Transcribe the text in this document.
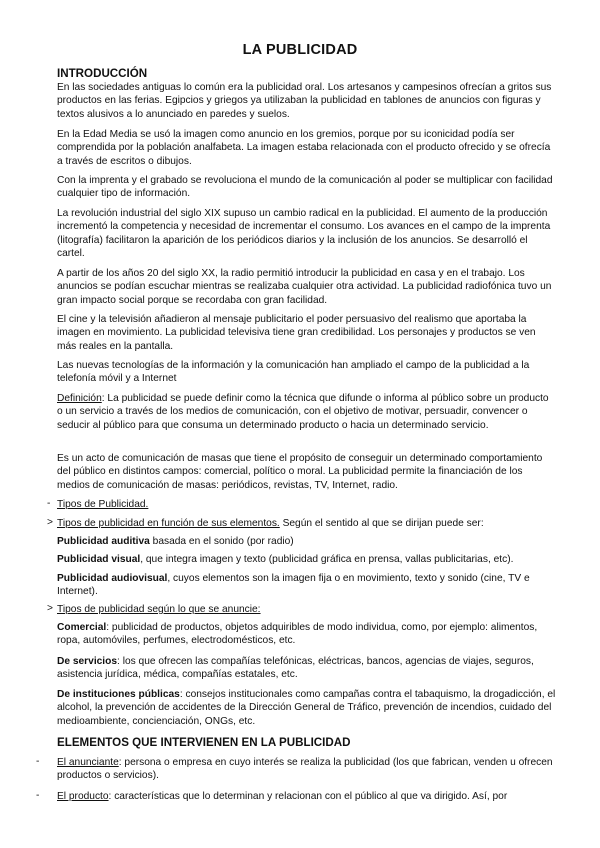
LA PUBLICIDAD
INTRODUCCIÓN
En las sociedades antiguas lo común era la publicidad oral. Los artesanos y campesinos ofrecían a gritos sus productos en las ferias. Egipcios y griegos ya utilizaban la publicidad en tablones de anuncios con figuras y textos alusivos a lo anunciado en paredes y suelos.
En la Edad Media se usó la imagen como anuncio en los gremios, porque por su iconicidad podía ser comprendida por la población analfabeta. La imagen estaba relacionada con el producto ofrecido y se ofrecía a través de escritos o dibujos.
Con la imprenta y el grabado se revoluciona el mundo de la comunicación al poder se multiplicar con facilidad cualquier tipo de información.
La revolución industrial del siglo XIX supuso un cambio radical en la publicidad. El aumento de la producción incrementó la competencia y necesidad de incrementar el consumo. Los avances en el campo de la imprenta (litografía) facilitaron la aparición de los periódicos diarios y la inclusión de los anuncios. Se desarrolló el cartel.
A partir de los años 20 del siglo XX, la radio permitió introducir la publicidad en casa y en el trabajo. Los anuncios se podían escuchar mientras se realizaba cualquier otra actividad. La publicidad radiofónica tuvo un gran impacto social porque se recordaba con gran facilidad.
El cine y la televisión añadieron al mensaje publicitario el poder persuasivo del realismo que aportaba la imagen en movimiento. La publicidad televisiva tiene gran credibilidad. Los personajes y productos se ven más reales en la pantalla.
Las nuevas tecnologías de la información y la comunicación han ampliado el campo de la publicidad a la telefonía móvil y a Internet
Definición: La publicidad se puede definir como la técnica que difunde o informa al público sobre un producto o un servicio a través de los medios de comunicación, con el objetivo de motivar, persuadir, convencer o seducir al público para que consuma un determinado producto o hacia un determinado servicio.
Es un acto de comunicación de masas que tiene el propósito de conseguir un determinado comportamiento del público en distintos campos: comercial, político o moral. La publicidad permite la financiación de los medios de comunicación de masas: periódicos, revistas, TV, Internet, radio.
- Tipos de Publicidad.
> Tipos de publicidad en función de sus elementos. Según el sentido al que se dirijan puede ser:
Publicidad auditiva basada en el sonido (por radio)
Publicidad visual, que integra imagen y texto (publicidad gráfica en prensa, vallas publicitarias, etc).
Publicidad audiovisual, cuyos elementos son la imagen fija o en movimiento, texto y sonido (cine, TV e Internet).
> Tipos de publicidad según lo que se anuncie:
Comercial: publicidad de productos, objetos adquiribles de modo individua, como, por ejemplo: alimentos, ropa, automóviles, perfumes, electrodomésticos, etc.
De servicios: los que ofrecen las compañías telefónicas, eléctricas, bancos, agencias de viajes, seguros, asistencia jurídica, médica, compañías estatales, etc.
De instituciones públicas: consejos institucionales como campañas contra el tabaquismo, la drogadicción, el alcohol, la prevención de accidentes de la Dirección General de Tráfico, prevención de incendios, cuidado del medioambiente, concienciación, ONGs, etc.
ELEMENTOS QUE INTERVIENEN EN LA PUBLICIDAD
-	El anunciante: persona o empresa en cuyo interés se realiza la publicidad (los que fabrican, venden u ofrecen productos o servicios).
-	El producto: características que lo determinan y relacionan con el público al que va dirigido. Así, por
